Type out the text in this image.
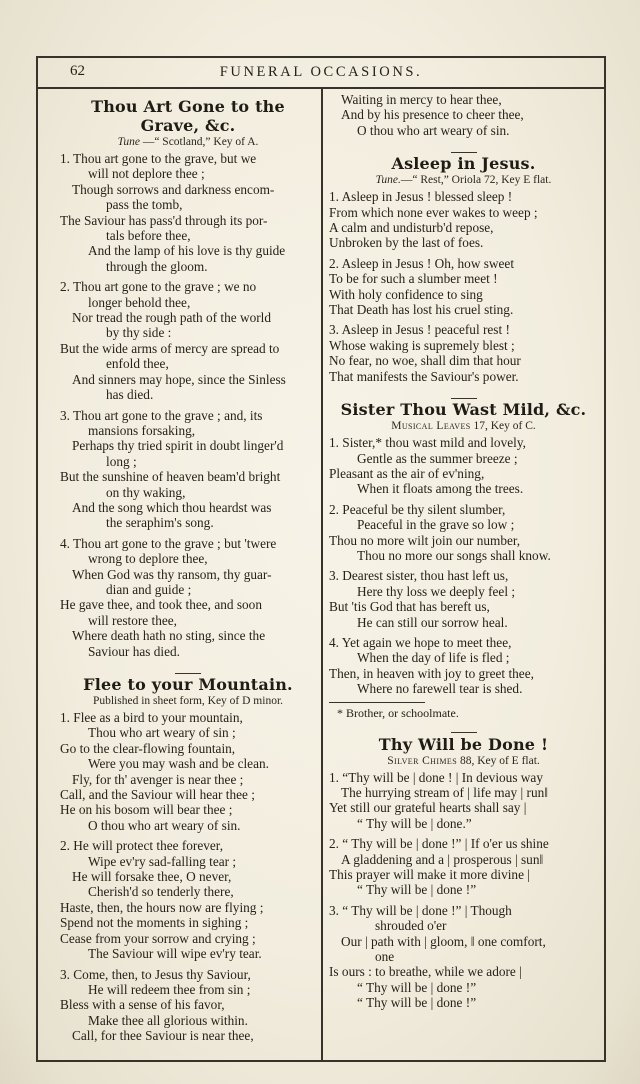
62	FUNERAL OCCASIONS.
Thou Art Gone to the Grave, &c.

Tune —“ Scotland,” Key of A.

1. Thou art gone to the grave, but we
will not deplore thee ;
Though sorrows and darkness encom-
pass the tomb,
The Saviour has pass'd through its por-
tals before thee,
And the lamp of his love is thy guide
through the gloom.
2. Thou art gone to the grave ; we no
longer behold thee,
Nor tread the rough path of the world
by thy side :
But the wide arms of mercy are spread to
enfold thee,
And sinners may hope, since the Sinless
has died.
3. Thou art gone to the grave ; and, its
mansions forsaking,
Perhaps thy tried spirit in doubt linger'd
long ;
But the sunshine of heaven beam'd bright
on thy waking,
And the song which thou heardst was
the seraphim's song.
4. Thou art gone to the grave ; but 'twere
wrong to deplore thee,
When God was thy ransom, thy guar-
dian and guide ;
He gave thee, and took thee, and soon
will restore thee,
Where death hath no sting, since the
Saviour has died.
Flee to your Mountain.

Published in sheet form, Key of D minor.

1. Flee as a bird to your mountain,
Thou who art weary of sin ;
Go to the clear-flowing fountain,
Were you may wash and be clean.
Fly, for th' avenger is near thee ;
Call, and the Saviour will hear thee ;
He on his bosom will bear thee ;
O thou who art weary of sin.
2. He will protect thee forever,
Wipe ev'ry sad-falling tear ;
He will forsake thee, O never,
Cherish'd so tenderly there,
Haste, then, the hours now are flying ;
Spend not the moments in sighing ;
Cease from your sorrow and crying ;
The Saviour will wipe ev'ry tear.
3. Come, then, to Jesus thy Saviour,
He will redeem thee from sin ;
Bless with a sense of his favor,
Make thee all glorious within.
Call, for thee Saviour is near thee,
Waiting in mercy to hear thee,
And by his presence to cheer thee,
O thou who art weary of sin.
Asleep in Jesus.

Tune.—“ Rest,” Oriola 72, Key E flat.

1. Asleep in Jesus ! blessed sleep !
From which none ever wakes to weep ;
A calm and undisturb'd repose,
Unbroken by the last of foes.
2. Asleep in Jesus ! Oh, how sweet
To be for such a slumber meet !
With holy confidence to sing
That Death has lost his cruel sting.
3. Asleep in Jesus ! peaceful rest !
Whose waking is supremely blest ;
No fear, no woe, shall dim that hour
That manifests the Saviour's power.
Sister Thou Wast Mild, &c.

Musical Leaves 17, Key of C.

1. Sister,* thou wast mild and lovely,
Gentle as the summer breeze ;
Pleasant as the air of ev'ning,
When it floats among the trees.
2. Peaceful be thy silent slumber,
Peaceful in the grave so low ;
Thou no more wilt join our number,
Thou no more our songs shall know.
3. Dearest sister, thou hast left us,
Here thy loss we deeply feel ;
But 'tis God that has bereft us,
He can still our sorrow heal.
4. Yet again we hope to meet thee,
When the day of life is fled ;
Then, in heaven with joy to greet thee,
Where no farewell tear is shed.
* Brother, or schoolmate.
Thy Will be Done !

Silver Chimes 88, Key of E flat.

1. “Thy will be | done ! | In devious way
The hurrying stream of | life may | run‖
Yet still our grateful hearts shall say |
“ Thy will be | done.”
2. “ Thy will be | done !” | If o'er us shine
A gladdening and a | prosperous | sun‖
This prayer will make it more divine |
“ Thy will be | done !”
3. “ Thy will be | done !” | Though
shrouded o'er
Our | path with | gloom, ‖ one comfort,
one
Is ours : to breathe, while we adore |
“ Thy will be | done !”
“ Thy will be | done !”
